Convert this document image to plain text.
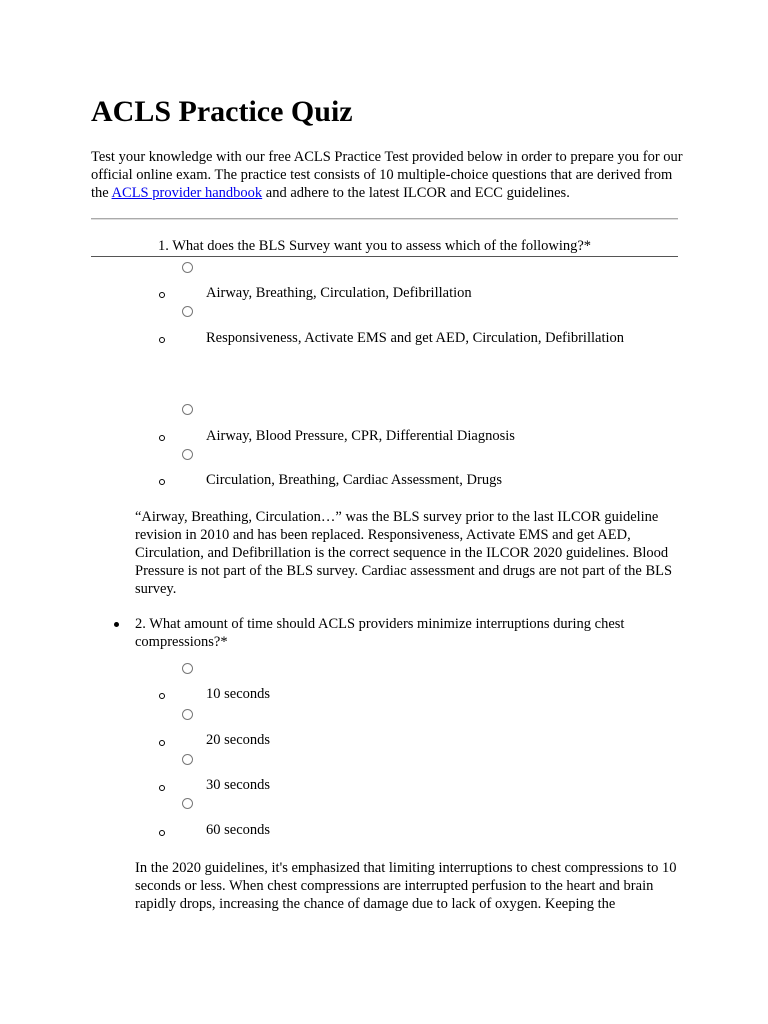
ACLS Practice Quiz
Test your knowledge with our free ACLS Practice Test provided below in order to prepare you for our official online exam. The practice test consists of 10 multiple-choice questions that are derived from the ACLS provider handbook and adhere to the latest ILCOR and ECC guidelines.
1. What does the BLS Survey want you to assess which of the following?*
Airway, Breathing, Circulation, Defibrillation
Responsiveness, Activate EMS and get AED, Circulation, Defibrillation
Airway, Blood Pressure, CPR, Differential Diagnosis
Circulation, Breathing, Cardiac Assessment, Drugs
“Airway, Breathing, Circulation…” was the BLS survey prior to the last ILCOR guideline revision in 2010 and has been replaced. Responsiveness, Activate EMS and get AED, Circulation, and Defibrillation is the correct sequence in the ILCOR 2020 guidelines. Blood Pressure is not part of the BLS survey. Cardiac assessment and drugs are not part of the BLS survey.
2. What amount of time should ACLS providers minimize interruptions during chest compressions?*
10 seconds
20 seconds
30 seconds
60 seconds
In the 2020 guidelines, it's emphasized that limiting interruptions to chest compressions to 10 seconds or less. When chest compressions are interrupted perfusion to the heart and brain rapidly drops, increasing the chance of damage due to lack of oxygen. Keeping the
